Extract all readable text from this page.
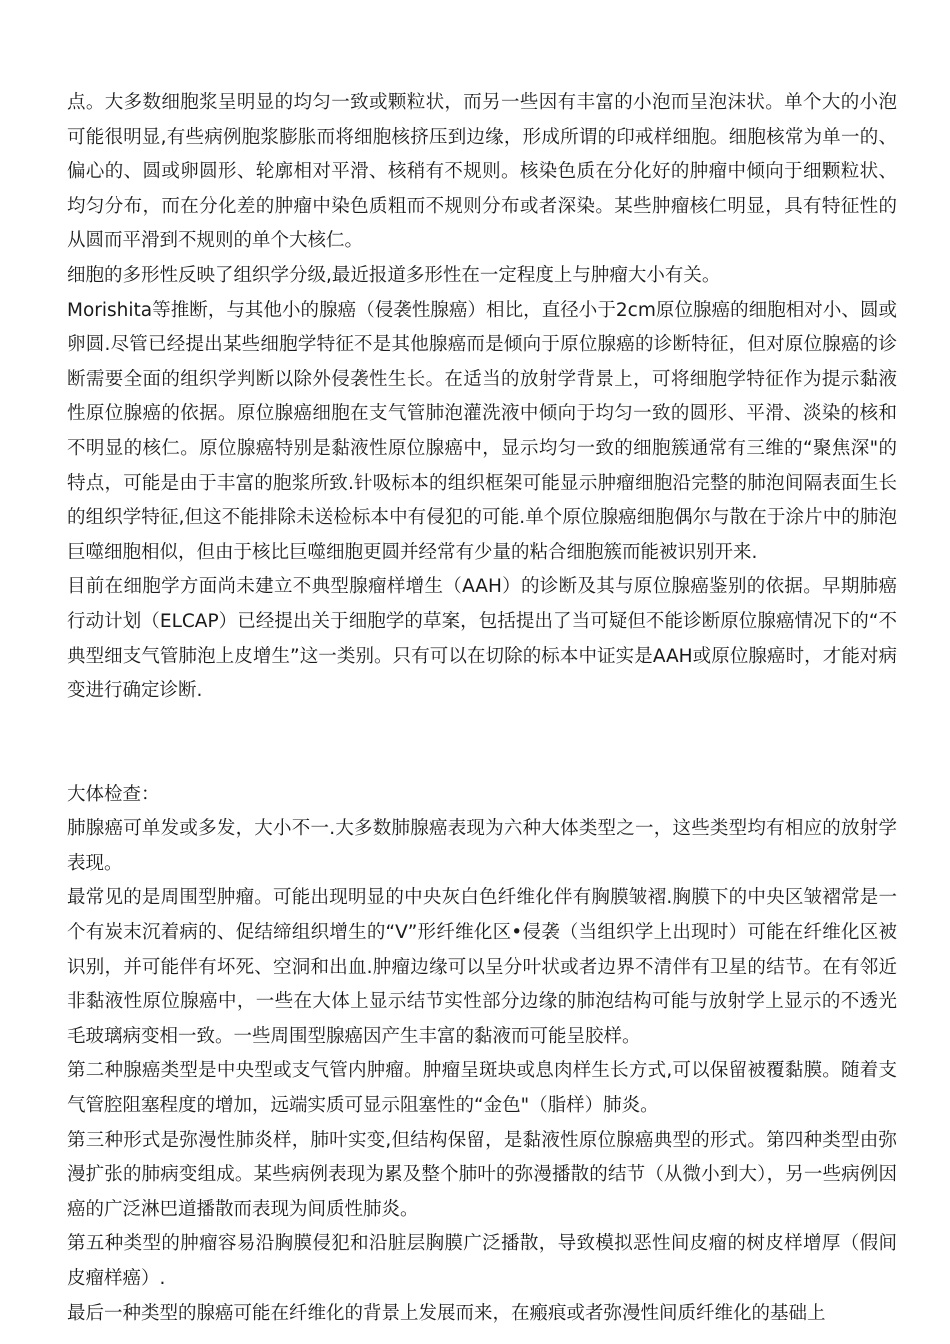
点。大多数细胞浆呈明显的均匀一致或颗粒状，而另一些因有丰富的小泡而呈泡沫状。单个大的小泡可能很明显,有些病例胞浆膨胀而将细胞核挤压到边缘，形成所谓的印戒样细胞。细胞核常为单一的、偏心的、圆或卵圆形、轮廓相对平滑、核稍有不规则。核染色质在分化好的肿瘤中倾向于细颗粒状、均匀分布，而在分化差的肿瘤中染色质粗而不规则分布或者深染。某些肿瘤核仁明显，具有特征性的从圆而平滑到不规则的单个大核仁。

细胞的多形性反映了组织学分级,最近报道多形性在一定程度上与肿瘤大小有关。

Morishita等推断，与其他小的腺癌（侵袭性腺癌）相比，直径小于2cm原位腺癌的细胞相对小、圆或卵圆.尽管已经提出某些细胞学特征不是其他腺癌而是倾向于原位腺癌的诊断特征，但对原位腺癌的诊断需要全面的组织学判断以除外侵袭性生长。在适当的放射学背景上，可将细胞学特征作为提示黏液性原位腺癌的依据。原位腺癌细胞在支气管肺泡灌洗液中倾向于均匀一致的圆形、平滑、淡染的核和不明显的核仁。原位腺癌特别是黏液性原位腺癌中，显示均匀一致的细胞簇通常有三维的“聚焦深"的特点，可能是由于丰富的胞浆所致.针吸标本的组织框架可能显示肿瘤细胞沿完整的肺泡间隔表面生长的组织学特征,但这不能排除未送检标本中有侵犯的可能.单个原位腺癌细胞偶尔与散在于涂片中的肺泡巨噬细胞相似，但由于核比巨噬细胞更圆并经常有少量的粘合细胞簇而能被识别开来.

目前在细胞学方面尚未建立不典型腺瘤样增生（AAH）的诊断及其与原位腺癌鉴别的依据。早期肺癌行动计划（ELCAP）已经提出关于细胞学的草案，包括提出了当可疑但不能诊断原位腺癌情况下的“不典型细支气管肺泡上皮增生”这一类别。只有可以在切除的标本中证实是AAH或原位腺癌时，才能对病变进行确定诊断.

大体检查：

肺腺癌可单发或多发，大小不一.大多数肺腺癌表现为六种大体类型之一，这些类型均有相应的放射学表现。

最常见的是周围型肿瘤。可能出现明显的中央灰白色纤维化伴有胸膜皱褶.胸膜下的中央区皱褶常是一个有炭末沉着病的、促结缔组织增生的“V”形纤维化区•侵袭（当组织学上出现时）可能在纤维化区被识别，并可能伴有坏死、空洞和出血.肿瘤边缘可以呈分叶状或者边界不清伴有卫星的结节。在有邻近非黏液性原位腺癌中，一些在大体上显示结节实性部分边缘的肺泡结构可能与放射学上显示的不透光毛玻璃病变相一致。一些周围型腺癌因产生丰富的黏液而可能呈胶样。

第二种腺癌类型是中央型或支气管内肿瘤。肿瘤呈斑块或息肉样生长方式,可以保留被覆黏膜。随着支气管腔阻塞程度的增加，远端实质可显示阻塞性的“金色"（脂样）肺炎。

第三种形式是弥漫性肺炎样，肺叶实变,但结构保留，是黏液性原位腺癌典型的形式。第四种类型由弥漫扩张的肺病变组成。某些病例表现为累及整个肺叶的弥漫播散的结节（从微小到大），另一些病例因癌的广泛淋巴道播散而表现为间质性肺炎。

第五种类型的肿瘤容易沿胸膜侵犯和沿脏层胸膜广泛播散，导致模拟恶性间皮瘤的树皮样增厚（假间皮瘤样癌）.

最后一种类型的腺癌可能在纤维化的背景上发展而来，在瘢痕或者弥漫性间质纤维化的基础上
